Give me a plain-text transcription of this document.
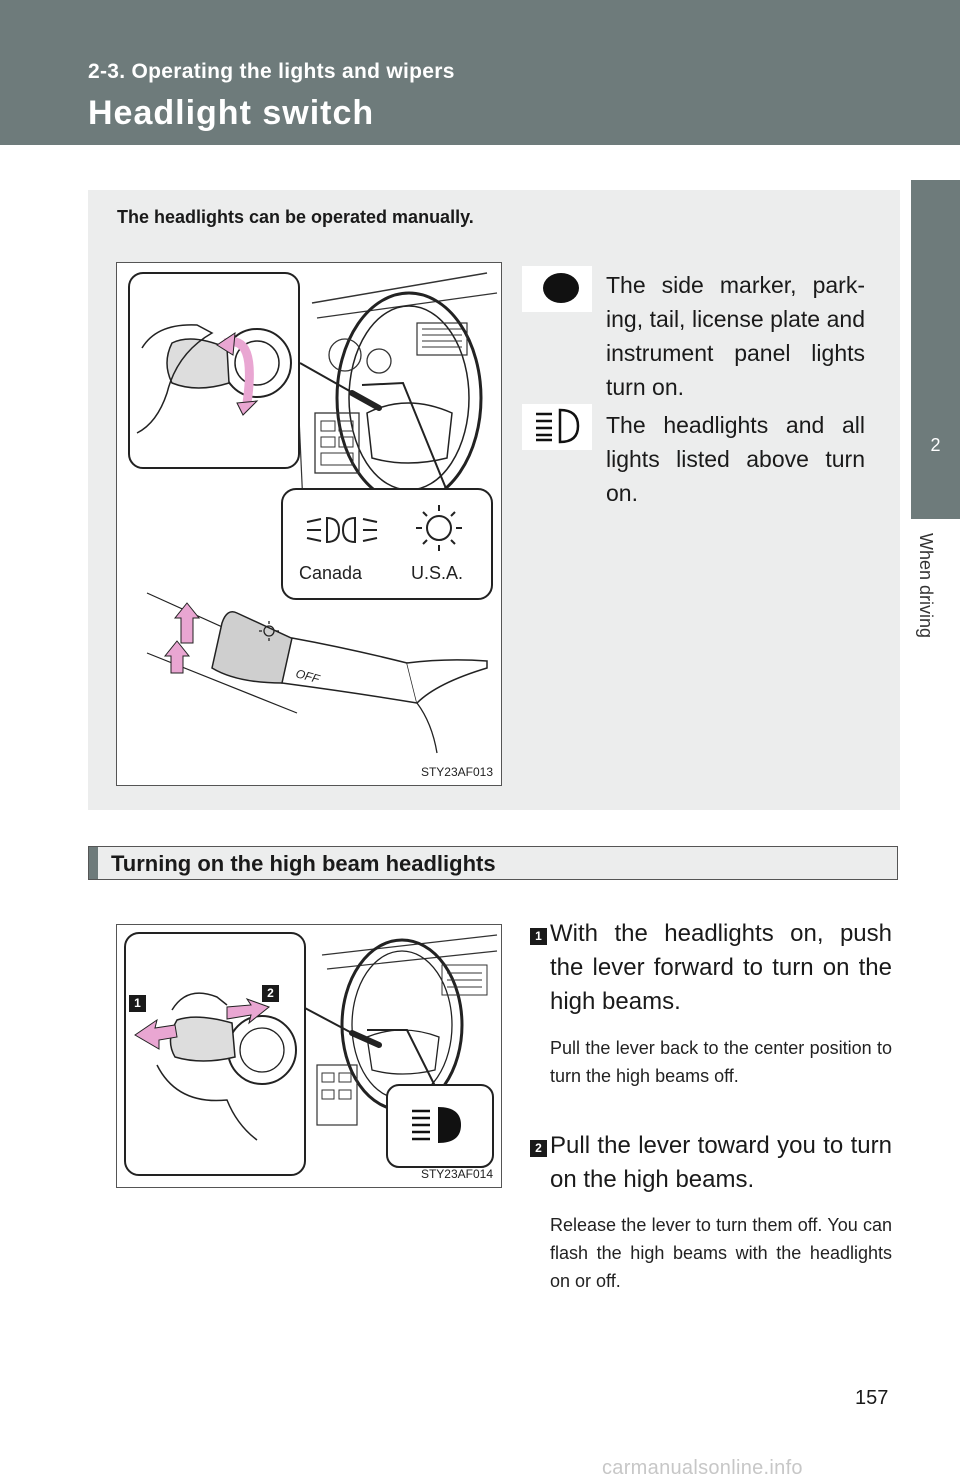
2-3. Operating the lights and wipers
Headlight switch
2
When driving
The headlights can be operated manually.
OFF
Canada	U.S.A.
STY23AF013
The side marker, park- ing, tail, license plate and instrument panel lights turn on.
The headlights and all lights listed above turn on.
Turning on the high beam headlights
1
2
STY23AF014
1 With the headlights on, push the lever forward to turn on the high beams.
Pull the lever back to the center position to turn the high beams off.
2 Pull the lever toward you to turn on the high beams.
Release the lever to turn them off. You can flash the high beams with the headlights on or off.
157
carmanualsonline.info
